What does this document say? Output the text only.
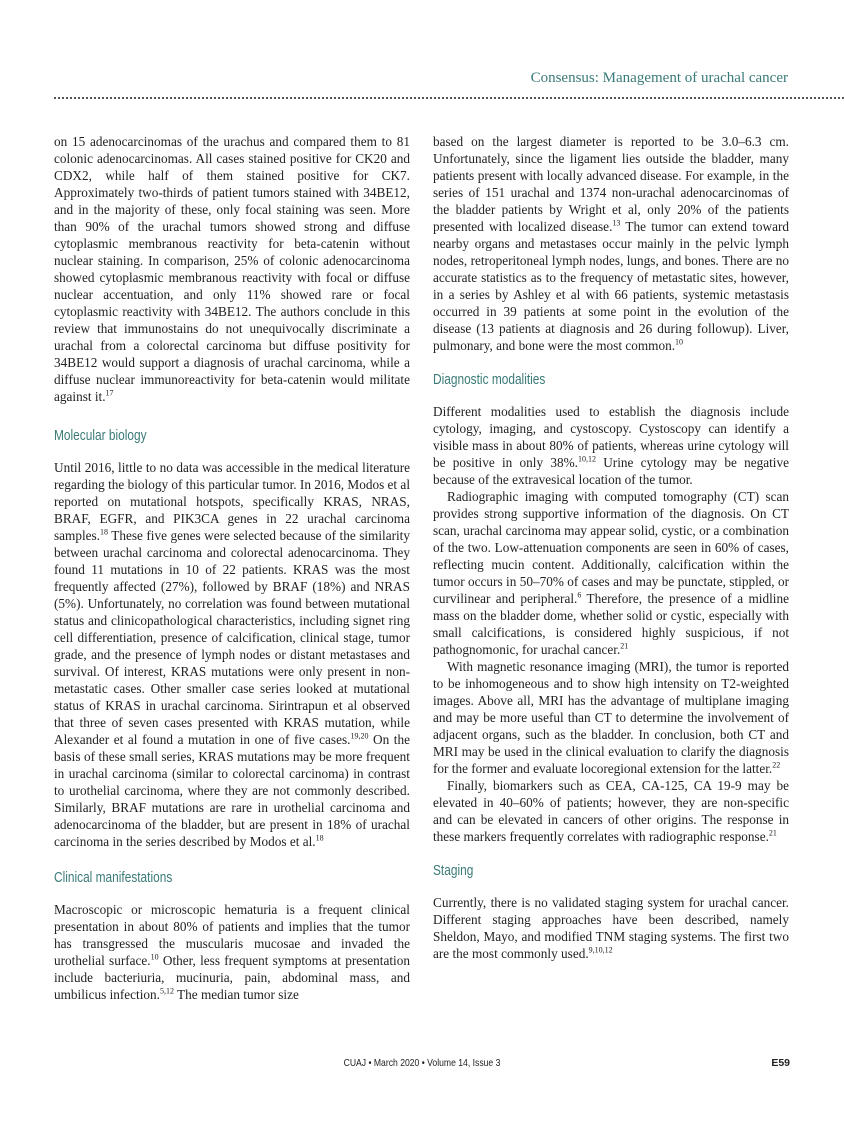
Consensus: Management of urachal cancer

on 15 adenocarcinomas of the urachus and compared them to 81 colonic adenocarcinomas. All cases stained positive for CK20 and CDX2, while half of them stained positive for CK7. Approximately two-thirds of patient tumors stained with 34BE12, and in the majority of these, only focal staining was seen. More than 90% of the urachal tumors showed strong and diffuse cytoplasmic membranous reactivity for beta-catenin without nuclear staining. In comparison, 25% of colonic adenocarcinoma showed cytoplasmic membranous reactivity with focal or diffuse nuclear accentuation, and only 11% showed rare or focal cytoplasmic reactivity with 34BE12. The authors conclude in this review that immunostains do not unequivocally discriminate a urachal from a colorectal carcinoma but diffuse positivity for 34BE12 would support a diagnosis of urachal carcinoma, while a diffuse nuclear immunoreactivity for beta-catenin would militate against it.$^{17}$

Molecular biology

Until 2016, little to no data was accessible in the medical literature regarding the biology of this particular tumor. In 2016, Modos et al reported on mutational hotspots, specifically KRAS, NRAS, BRAF, EGFR, and PIK3CA genes in 22 urachal carcinoma samples.$^{18}$ These five genes were selected because of the similarity between urachal carcinoma and colorectal adenocarcinoma. They found 11 mutations in 10 of 22 patients. KRAS was the most frequently affected (27%), followed by BRAF (18%) and NRAS (5%). Unfortunately, no correlation was found between mutational status and clinicopathological characteristics, including signet ring cell differentiation, presence of calcification, clinical stage, tumor grade, and the presence of lymph nodes or distant metastases and survival. Of interest, KRAS mutations were only present in non-metastatic cases. Other smaller case series looked at mutational status of KRAS in urachal carcinoma. Sirintrapun et al observed that three of seven cases presented with KRAS mutation, while Alexander et al found a mutation in one of five cases.$^{19,20}$ On the basis of these small series, KRAS mutations may be more frequent in urachal carcinoma (similar to colorectal carcinoma) in contrast to urothelial carcinoma, where they are not commonly described. Similarly, BRAF mutations are rare in urothelial carcinoma and adenocarcinoma of the bladder, but are present in 18% of urachal carcinoma in the series described by Modos et al.$^{18}$

Clinical manifestations

Macroscopic or microscopic hematuria is a frequent clinical presentation in about 80% of patients and implies that the tumor has transgressed the muscularis mucosae and invaded the urothelial surface.$^{10}$ Other, less frequent symptoms at presentation include bacteriuria, mucinuria, pain, abdominal mass, and umbilicus infection.$^{5,12}$ The median tumor size

based on the largest diameter is reported to be 3.0–6.3 cm. Unfortunately, since the ligament lies outside the bladder, many patients present with locally advanced disease. For example, in the series of 151 urachal and 1374 non-urachal adenocarcinomas of the bladder patients by Wright et al, only 20% of the patients presented with localized disease.$^{13}$ The tumor can extend toward nearby organs and metastases occur mainly in the pelvic lymph nodes, retroperitoneal lymph nodes, lungs, and bones. There are no accurate statistics as to the frequency of metastatic sites, however, in a series by Ashley et al with 66 patients, systemic metastasis occurred in 39 patients at some point in the evolution of the disease (13 patients at diagnosis and 26 during followup). Liver, pulmonary, and bone were the most common.$^{10}$

Diagnostic modalities

Different modalities used to establish the diagnosis include cytology, imaging, and cystoscopy. Cystoscopy can identify a visible mass in about 80% of patients, whereas urine cytology will be positive in only 38%.$^{10,12}$ Urine cytology may be negative because of the extravesical location of the tumor.

Radiographic imaging with computed tomography (CT) scan provides strong supportive information of the diagnosis. On CT scan, urachal carcinoma may appear solid, cystic, or a combination of the two. Low-attenuation components are seen in 60% of cases, reflecting mucin content. Additionally, calcification within the tumor occurs in 50–70% of cases and may be punctate, stippled, or curvilinear and peripheral.$^6$ Therefore, the presence of a midline mass on the bladder dome, whether solid or cystic, especially with small calcifications, is considered highly suspicious, if not pathognomonic, for urachal cancer.$^{21}$

With magnetic resonance imaging (MRI), the tumor is reported to be inhomogeneous and to show high intensity on T2-weighted images. Above all, MRI has the advantage of multiplane imaging and may be more useful than CT to determine the involvement of adjacent organs, such as the bladder. In conclusion, both CT and MRI may be used in the clinical evaluation to clarify the diagnosis for the former and evaluate locoregional extension for the latter.$^{22}$

Finally, biomarkers such as CEA, CA-125, CA 19-9 may be elevated in 40–60% of patients; however, they are non-specific and can be elevated in cancers of other origins. The response in these markers frequently correlates with radiographic response.$^{21}$

Staging

Currently, there is no validated staging system for urachal cancer. Different staging approaches have been described, namely Sheldon, Mayo, and modified TNM staging systems. The first two are the most commonly used.$^{9,10,12}$

CUAJ • March 2020 • Volume 14, Issue 3	E59
